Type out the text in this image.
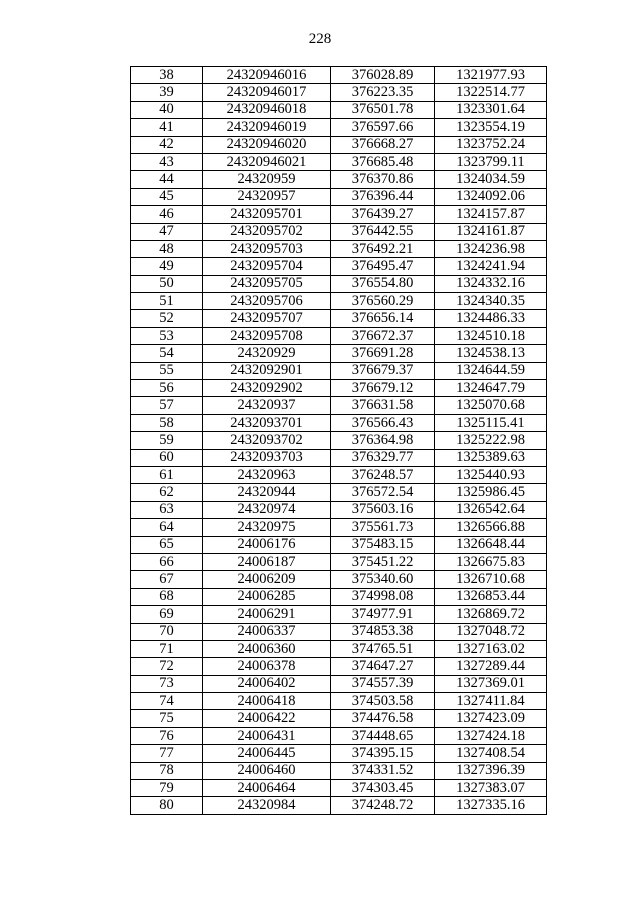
228
38	24320946016	376028.89	1321977.93
39	24320946017	376223.35	1322514.77
40	24320946018	376501.78	1323301.64
41	24320946019	376597.66	1323554.19
42	24320946020	376668.27	1323752.24
43	24320946021	376685.48	1323799.11
44	24320959	376370.86	1324034.59
45	24320957	376396.44	1324092.06
46	2432095701	376439.27	1324157.87
47	2432095702	376442.55	1324161.87
48	2432095703	376492.21	1324236.98
49	2432095704	376495.47	1324241.94
50	2432095705	376554.80	1324332.16
51	2432095706	376560.29	1324340.35
52	2432095707	376656.14	1324486.33
53	2432095708	376672.37	1324510.18
54	24320929	376691.28	1324538.13
55	2432092901	376679.37	1324644.59
56	2432092902	376679.12	1324647.79
57	24320937	376631.58	1325070.68
58	2432093701	376566.43	1325115.41
59	2432093702	376364.98	1325222.98
60	2432093703	376329.77	1325389.63
61	24320963	376248.57	1325440.93
62	24320944	376572.54	1325986.45
63	24320974	375603.16	1326542.64
64	24320975	375561.73	1326566.88
65	24006176	375483.15	1326648.44
66	24006187	375451.22	1326675.83
67	24006209	375340.60	1326710.68
68	24006285	374998.08	1326853.44
69	24006291	374977.91	1326869.72
70	24006337	374853.38	1327048.72
71	24006360	374765.51	1327163.02
72	24006378	374647.27	1327289.44
73	24006402	374557.39	1327369.01
74	24006418	374503.58	1327411.84
75	24006422	374476.58	1327423.09
76	24006431	374448.65	1327424.18
77	24006445	374395.15	1327408.54
78	24006460	374331.52	1327396.39
79	24006464	374303.45	1327383.07
80	24320984	374248.72	1327335.16
